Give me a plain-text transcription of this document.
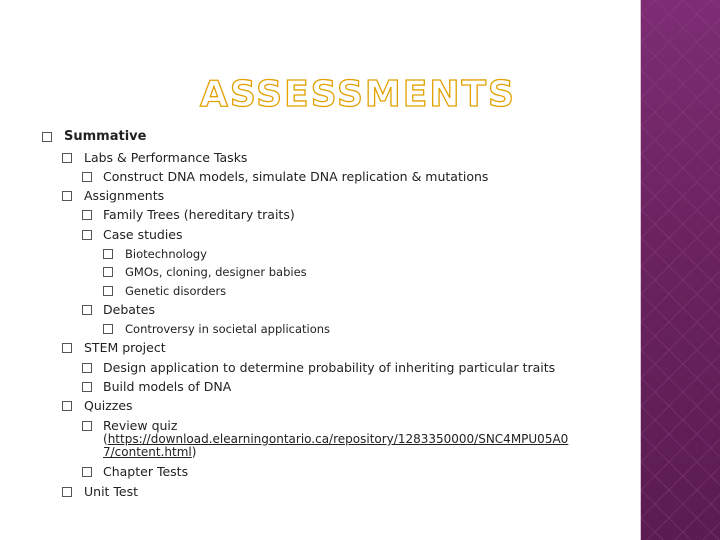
ASSESSMENTS
Summative
Labs & Performance Tasks
Construct DNA models, simulate DNA replication & mutations
Assignments
Family Trees (hereditary traits)
Case studies
Biotechnology
GMOs, cloning, designer babies
Genetic disorders
Debates
Controversy in societal applications
STEM project
Design application to determine probability of inheriting particular traits
Build models of DNA
Quizzes
Review quiz
(https://download.elearningontario.ca/repository/1283350000/SNC4MPU05A0
7/content.html)
Chapter Tests
Unit Test
